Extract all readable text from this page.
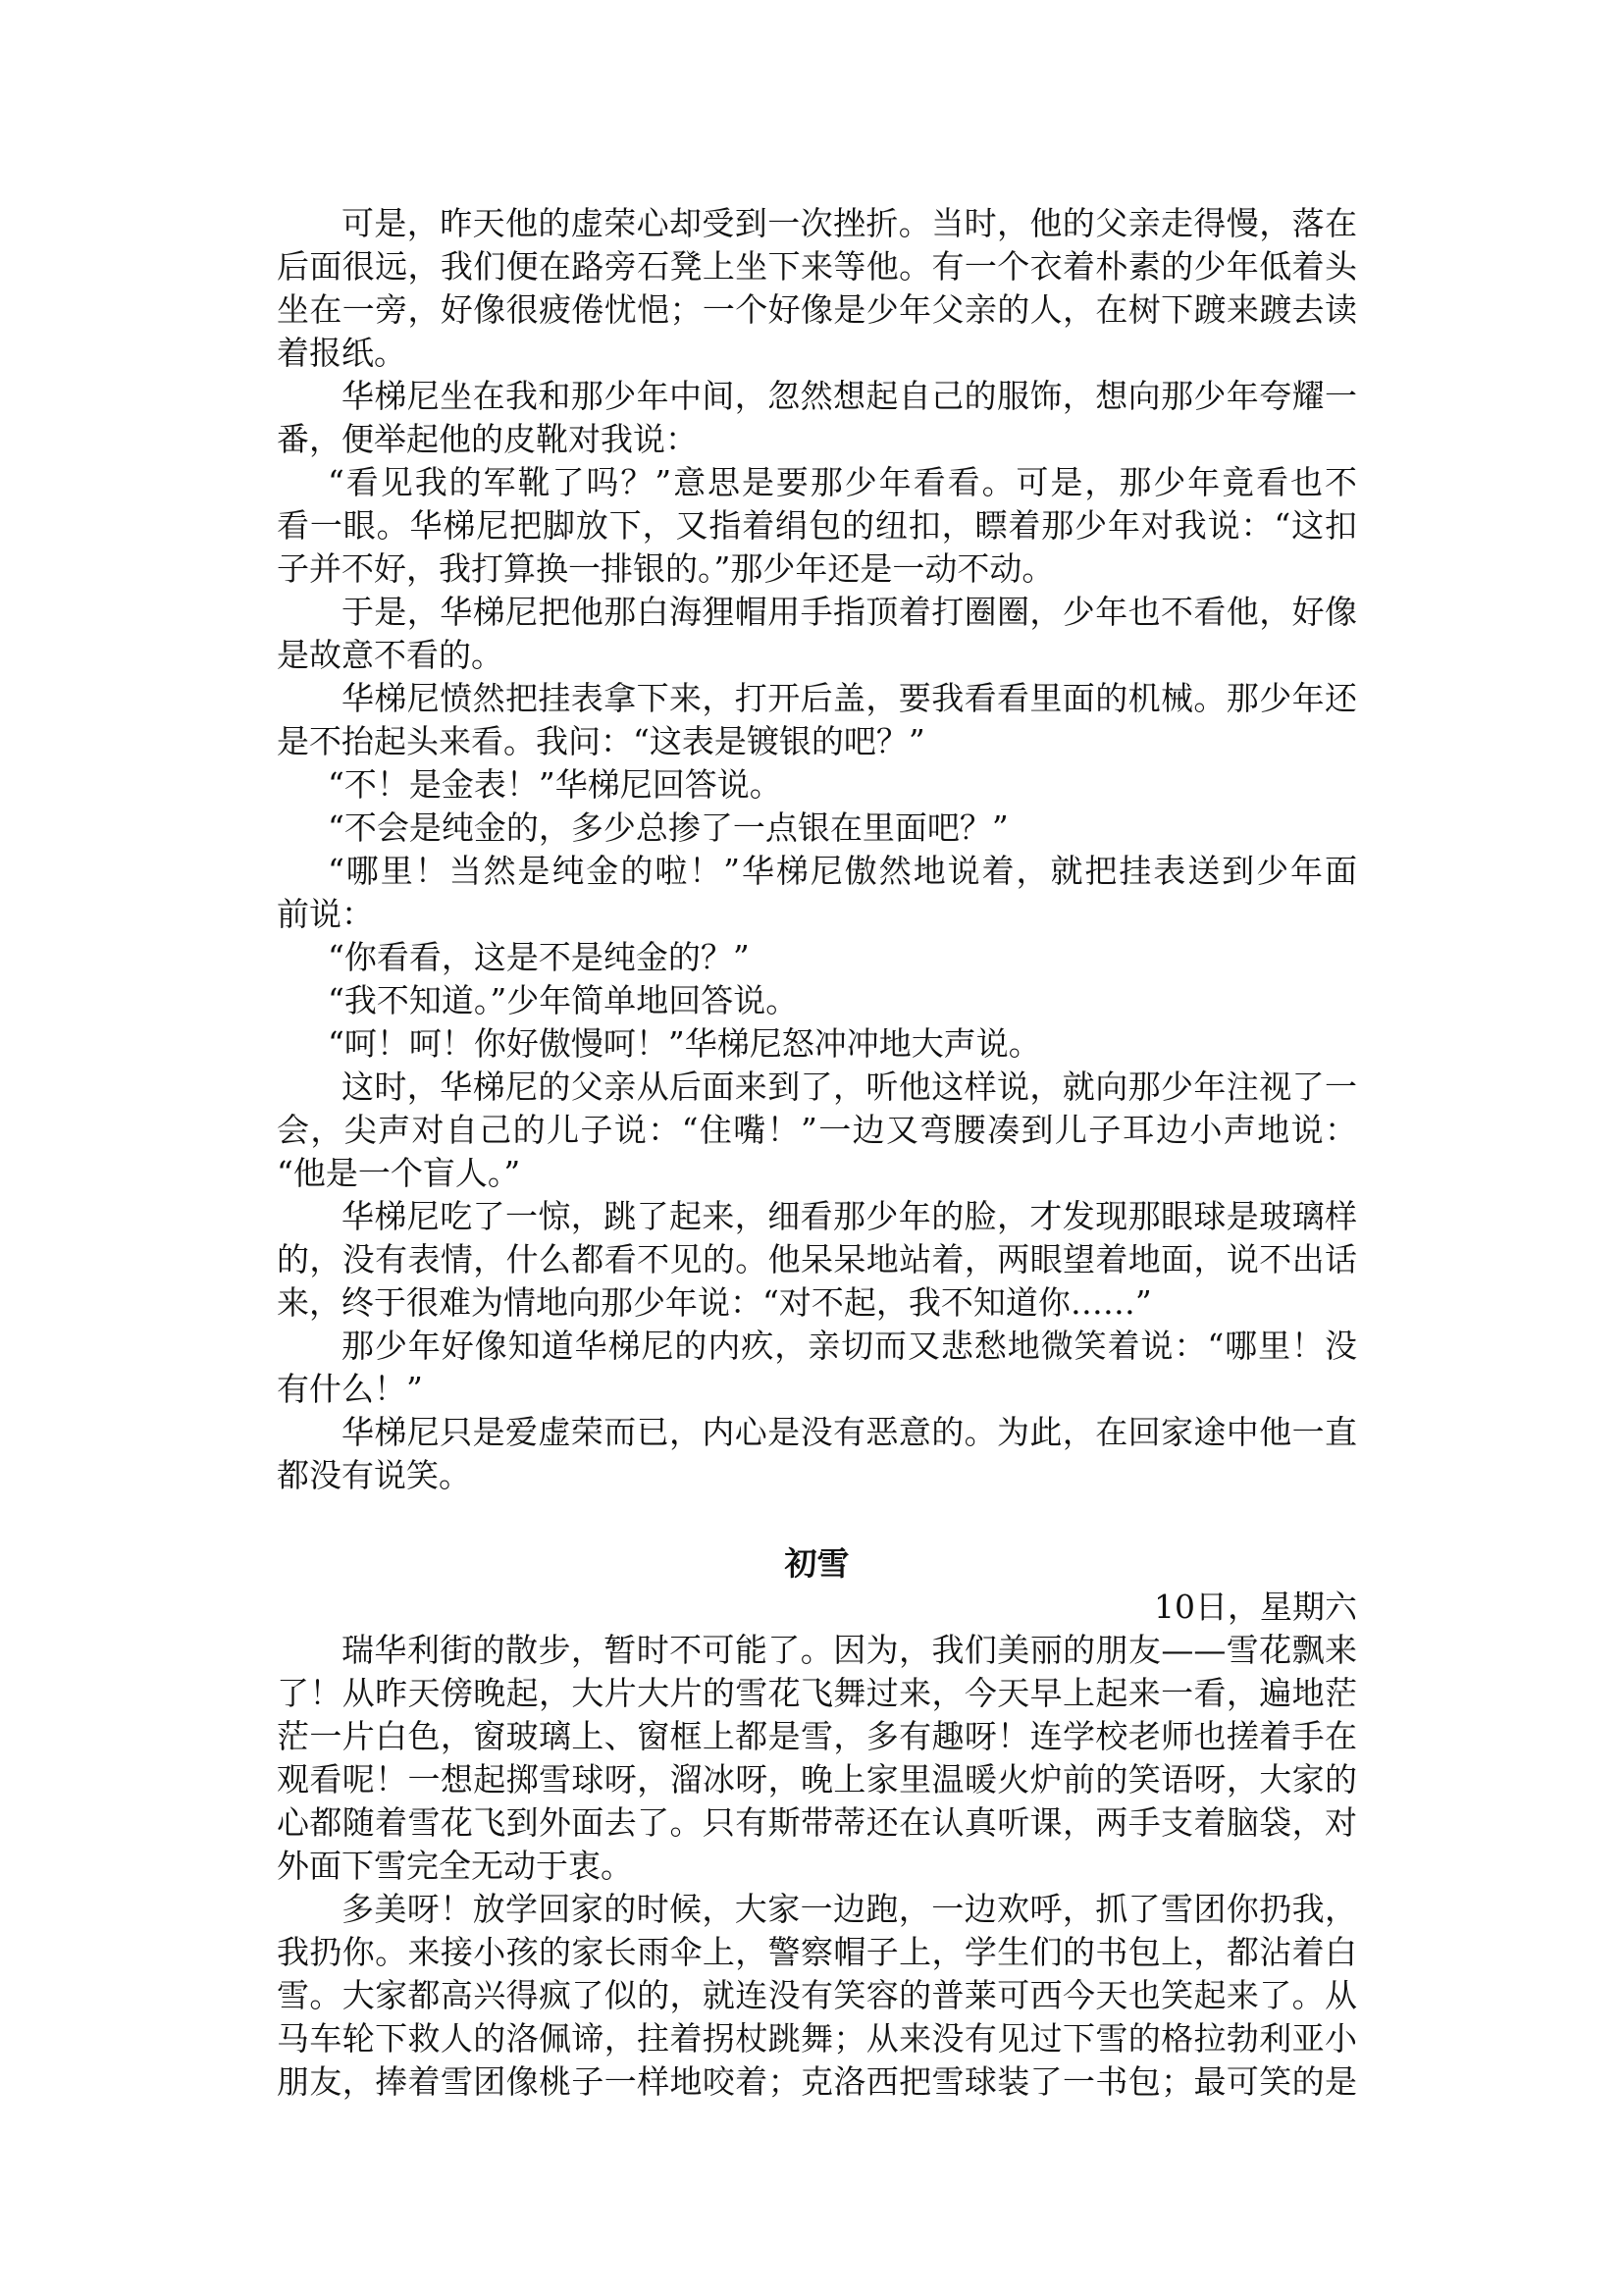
可是，昨天他的虚荣心却受到一次挫折。当时，他的父亲走得慢，落在
后面很远，我们便在路旁石凳上坐下来等他。有一个衣着朴素的少年低着头
坐在一旁，好像很疲倦忧悒；一个好像是少年父亲的人，在树下踱来踱去读
着报纸。
华梯尼坐在我和那少年中间，忽然想起自己的服饰，想向那少年夸耀一
番，便举起他的皮靴对我说：
“看见我的军靴了吗？”意思是要那少年看看。可是，那少年竟看也不
看一眼。华梯尼把脚放下，又指着绢包的纽扣，瞟着那少年对我说：“这扣
子并不好，我打算换一排银的。”那少年还是一动不动。
于是，华梯尼把他那白海狸帽用手指顶着打圈圈，少年也不看他，好像
是故意不看的。
华梯尼愤然把挂表拿下来，打开后盖，要我看看里面的机械。那少年还
是不抬起头来看。我问：“这表是镀银的吧？”
“不！是金表！”华梯尼回答说。
“不会是纯金的，多少总掺了一点银在里面吧？”
“哪里！当然是纯金的啦！”华梯尼傲然地说着，就把挂表送到少年面
前说：
“你看看，这是不是纯金的？”
“我不知道。”少年简单地回答说。
“呵！呵！你好傲慢呵！”华梯尼怒冲冲地大声说。
这时，华梯尼的父亲从后面来到了，听他这样说，就向那少年注视了一
会，尖声对自己的儿子说：“住嘴！”一边又弯腰凑到儿子耳边小声地说：
“他是一个盲人。”
华梯尼吃了一惊，跳了起来，细看那少年的脸，才发现那眼球是玻璃样
的，没有表情，什么都看不见的。他呆呆地站着，两眼望着地面，说不出话
来，终于很难为情地向那少年说：“对不起，我不知道你……”
那少年好像知道华梯尼的内疚，亲切而又悲愁地微笑着说：“哪里！没
有什么！”
华梯尼只是爱虚荣而已，内心是没有恶意的。为此，在回家途中他一直
都没有说笑。
初雪
10日，星期六
瑞华利街的散步，暂时不可能了。因为，我们美丽的朋友——雪花飘来
了！从昨天傍晚起，大片大片的雪花飞舞过来，今天早上起来一看，遍地茫
茫一片白色，窗玻璃上、窗框上都是雪，多有趣呀！连学校老师也搓着手在
观看呢！一想起掷雪球呀，溜冰呀，晚上家里温暖火炉前的笑语呀，大家的
心都随着雪花飞到外面去了。只有斯带蒂还在认真听课，两手支着脑袋，对
外面下雪完全无动于衷。
多美呀！放学回家的时候，大家一边跑，一边欢呼，抓了雪团你扔我，
我扔你。来接小孩的家长雨伞上，警察帽子上，学生们的书包上，都沾着白
雪。大家都高兴得疯了似的，就连没有笑容的普莱可西今天也笑起来了。从
马车轮下救人的洛佩谛，拄着拐杖跳舞；从来没有见过下雪的格拉勃利亚小
朋友，捧着雪团像桃子一样地咬着；克洛西把雪球装了一书包；最可笑的是
